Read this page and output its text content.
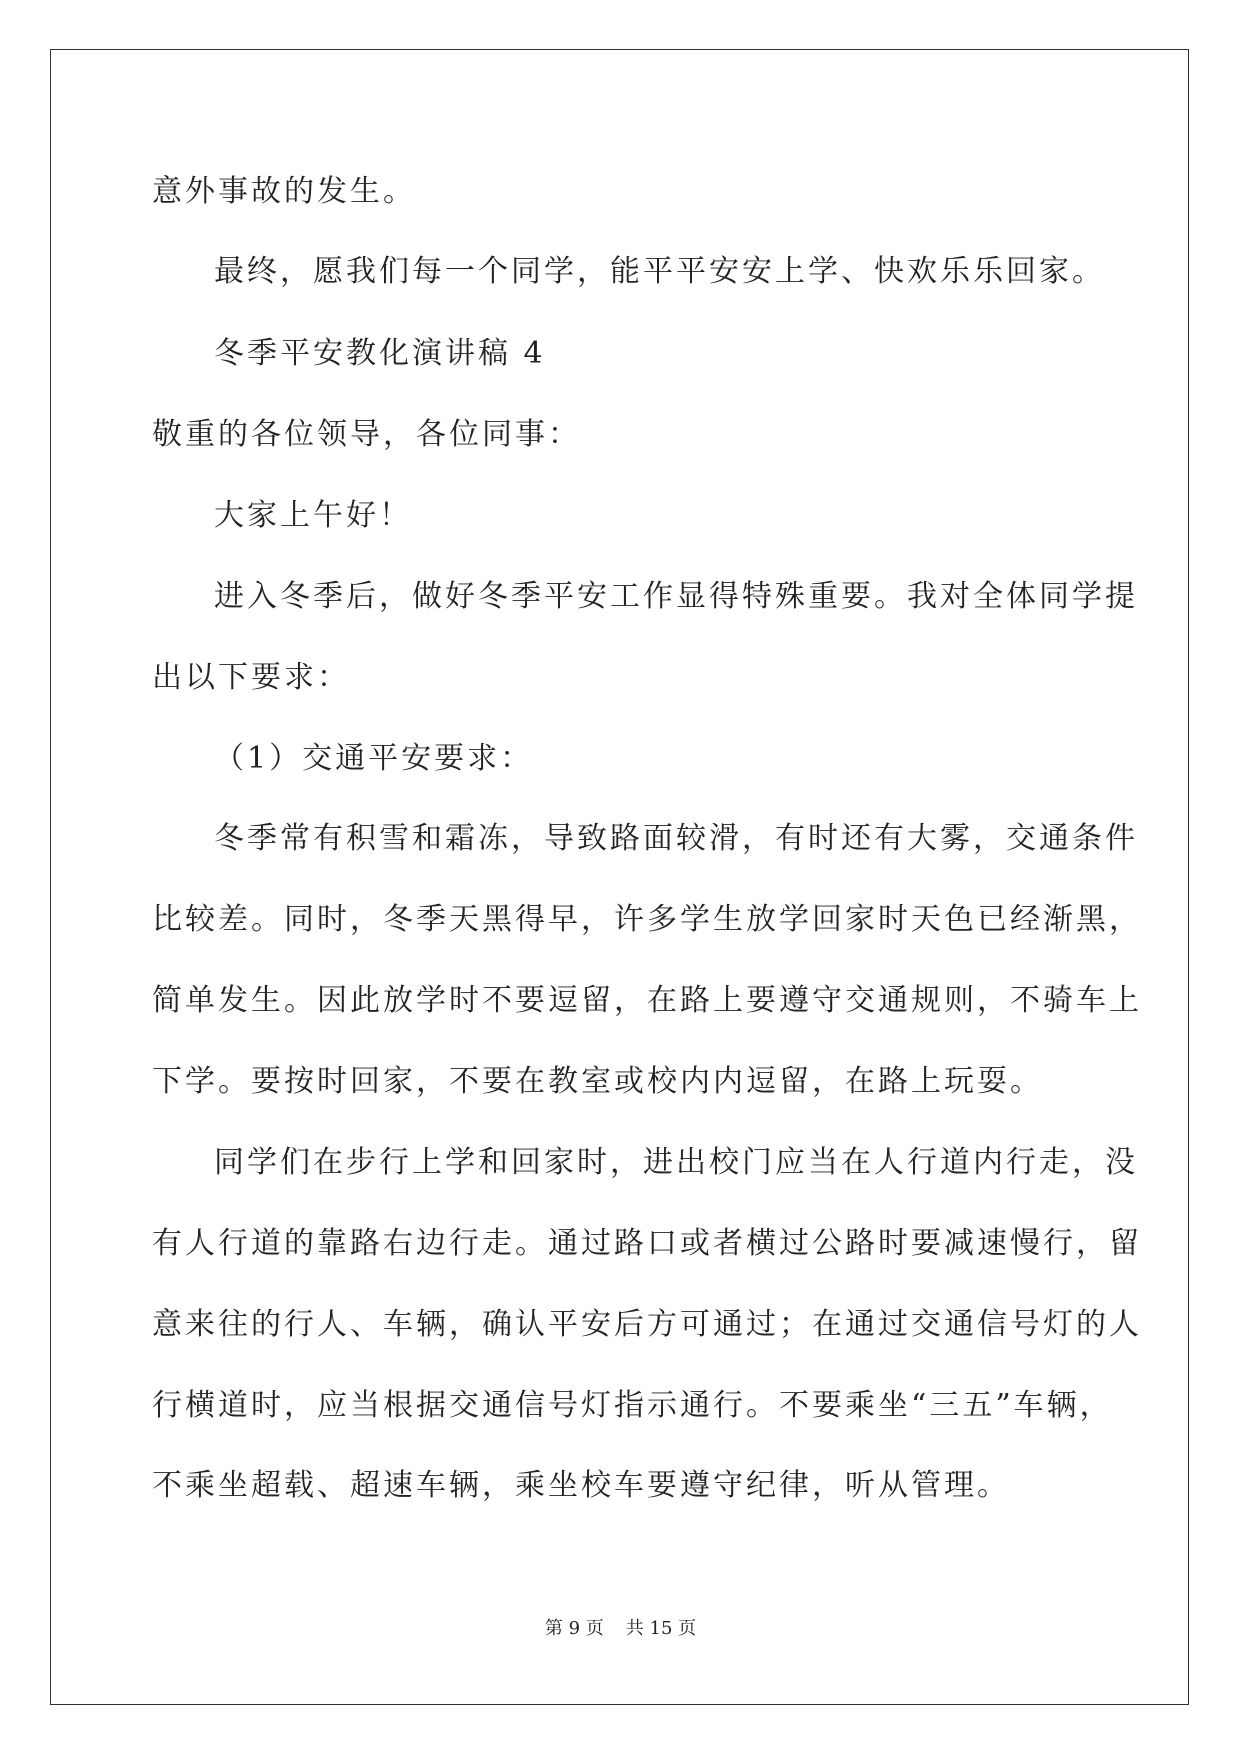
意外事故的发生。
最终，愿我们每一个同学，能平平安安上学、快欢乐乐回家。
冬季平安教化演讲稿 4
敬重的各位领导，各位同事：
大家上午好！
进入冬季后，做好冬季平安工作显得特殊重要。我对全体同学提
出以下要求：
（1）交通平安要求：
冬季常有积雪和霜冻，导致路面较滑，有时还有大雾，交通条件
比较差。同时，冬季天黑得早，许多学生放学回家时天色已经渐黑，
简单发生。因此放学时不要逗留，在路上要遵守交通规则，不骑车上
下学。要按时回家，不要在教室或校内内逗留，在路上玩耍。
同学们在步行上学和回家时，进出校门应当在人行道内行走，没
有人行道的靠路右边行走。通过路口或者横过公路时要减速慢行，留
意来往的行人、车辆，确认平安后方可通过；在通过交通信号灯的人
行横道时，应当根据交通信号灯指示通行。不要乘坐“三五”车辆，
不乘坐超载、超速车辆，乘坐校车要遵守纪律，听从管理。
第 9 页 共 15 页
